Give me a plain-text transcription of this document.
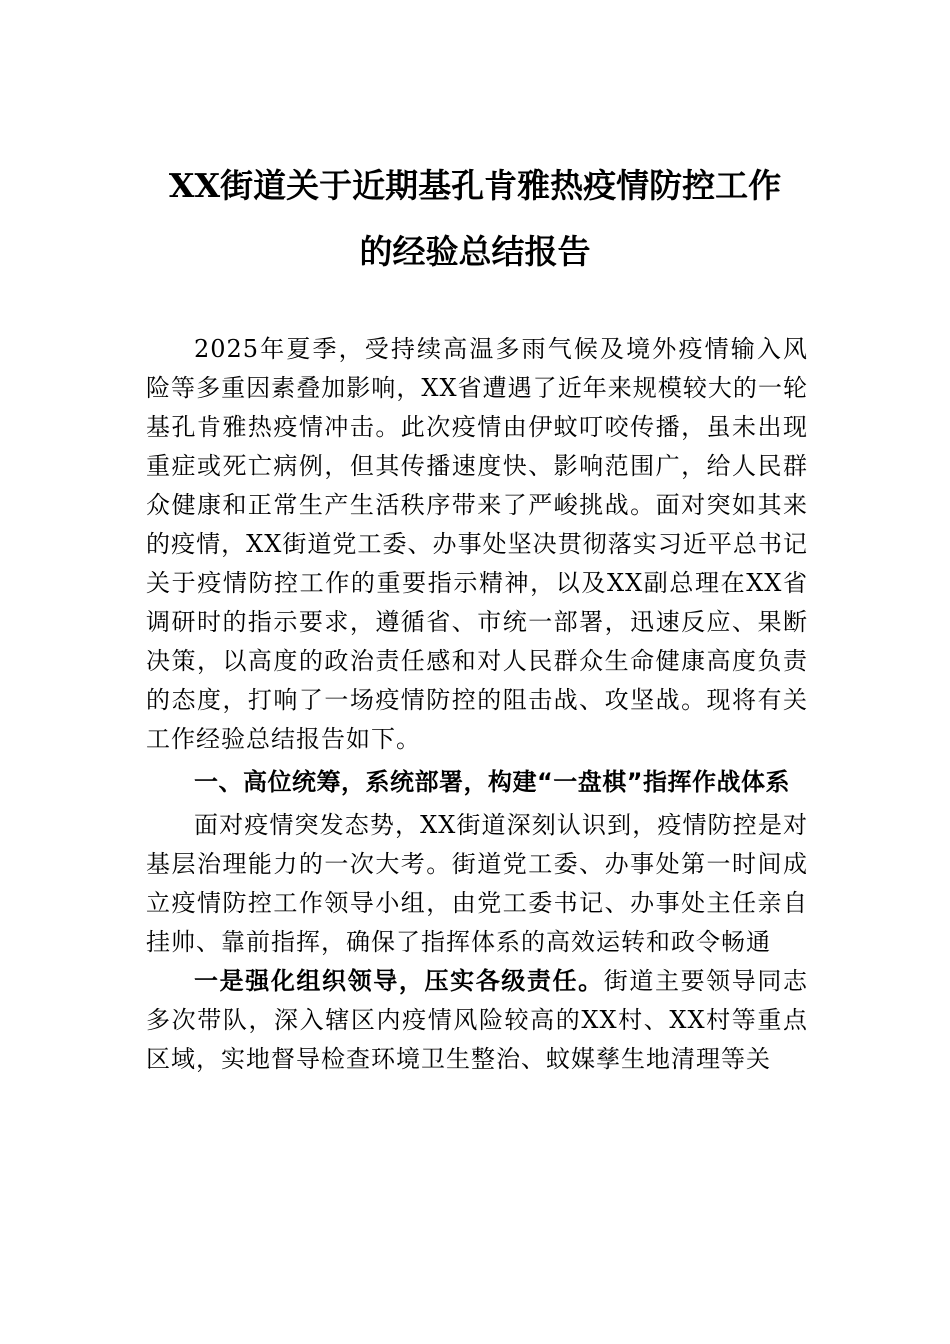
XX街道关于近期基孔肯雅热疫情防控工作
的经验总结报告

2025年夏季，受持续高温多雨气候及境外疫情输入风险等多重因素叠加影响，XX省遭遇了近年来规模较大的一轮基孔肯雅热疫情冲击。此次疫情由伊蚊叮咬传播，虽未出现重症或死亡病例，但其传播速度快、影响范围广，给人民群众健康和正常生产生活秩序带来了严峻挑战。面对突如其来的疫情，XX街道党工委、办事处坚决贯彻落实习近平总书记关于疫情防控工作的重要指示精神，以及XX副总理在XX省调研时的指示要求，遵循省、市统一部署，迅速反应、果断决策，以高度的政治责任感和对人民群众生命健康高度负责的态度，打响了一场疫情防控的阻击战、攻坚战。现将有关工作经验总结报告如下。

一、高位统筹，系统部署，构建“一盘棋”指挥作战体系

面对疫情突发态势，XX街道深刻认识到，疫情防控是对基层治理能力的一次大考。街道党工委、办事处第一时间成立疫情防控工作领导小组，由党工委书记、办事处主任亲自挂帅、靠前指挥，确保了指挥体系的高效运转和政令畅通

一是强化组织领导，压实各级责任。街道主要领导同志多次带队，深入辖区内疫情风险较高的XX村、XX村等重点区域，实地督导检查环境卫生整治、蚊媒孳生地清理等关
